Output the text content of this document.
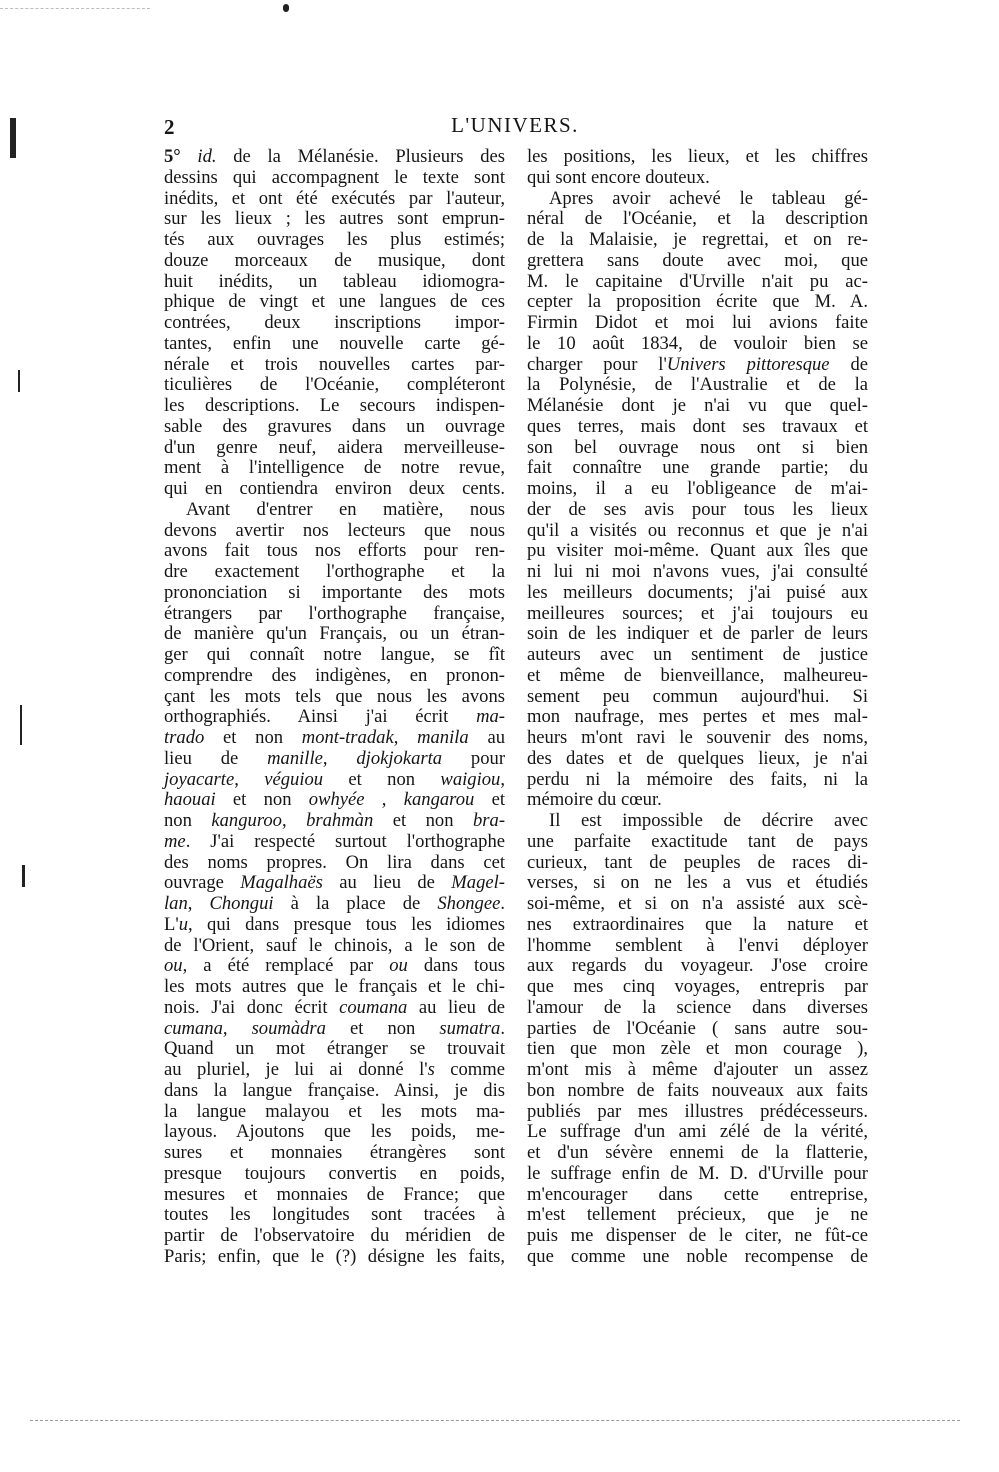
2	L'UNIVERS.
5° id. de la Mélanésie. Plusieurs des
dessins qui accompagnent le texte sont
inédits, et ont été exécutés par l'auteur,
sur les lieux ; les autres sont emprun-
tés aux ouvrages les plus estimés;
douze morceaux de musique, dont
huit inédits, un tableau idiomogra-
phique de vingt et une langues de ces
contrées, deux inscriptions impor-
tantes, enfin une nouvelle carte gé-
nérale et trois nouvelles cartes par-
ticulières de l'Océanie, compléteront
les descriptions. Le secours indispen-
sable des gravures dans un ouvrage
d'un genre neuf, aidera merveilleuse-
ment à l'intelligence de notre revue,
qui en contiendra environ deux cents.
Avant d'entrer en matière, nous
devons avertir nos lecteurs que nous
avons fait tous nos efforts pour ren-
dre exactement l'orthographe et la
prononciation si importante des mots
étrangers par l'orthographe française,
de manière qu'un Français, ou un étran-
ger qui connaît notre langue, se fît
comprendre des indigènes, en pronon-
çant les mots tels que nous les avons
orthographiés. Ainsi j'ai écrit ma-
trado et non mont-tradak, manila au
lieu de manille, djokjokarta pour
joyacarte, véguiou et non waigiou,
haouai et non owhyée , kangarou et
non kanguroo, brahmàn et non bra-
me. J'ai respecté surtout l'orthographe
des noms propres. On lira dans cet
ouvrage Magalhaës au lieu de Magel-
lan, Chongui à la place de Shongee.
L'u, qui dans presque tous les idiomes
de l'Orient, sauf le chinois, a le son de
ou, a été remplacé par ou dans tous
les mots autres que le français et le chi-
nois. J'ai donc écrit coumana au lieu de
cumana, soumàdra et non sumatra.
Quand un mot étranger se trouvait
au pluriel, je lui ai donné l's comme
dans la langue française. Ainsi, je dis
la langue malayou et les mots ma-
layous. Ajoutons que les poids, me-
sures et monnaies étrangères sont
presque toujours convertis en poids,
mesures et monnaies de France; que
toutes les longitudes sont tracées à
partir de l'observatoire du méridien de
Paris; enfin, que le (?) désigne les faits,
les positions, les lieux, et les chiffres
qui sont encore douteux.
Apres avoir achevé le tableau gé-
néral de l'Océanie, et la description
de la Malaisie, je regrettai, et on re-
grettera sans doute avec moi, que
M. le capitaine d'Urville n'ait pu ac-
cepter la proposition écrite que M. A.
Firmin Didot et moi lui avions faite
le 10 août 1834, de vouloir bien se
charger pour l'Univers pittoresque de
la Polynésie, de l'Australie et de la
Mélanésie dont je n'ai vu que quel-
ques terres, mais dont ses travaux et
son bel ouvrage nous ont si bien
fait connaître une grande partie; du
moins, il a eu l'obligeance de m'ai-
der de ses avis pour tous les lieux
qu'il a visités ou reconnus et que je n'ai
pu visiter moi-même. Quant aux îles que
ni lui ni moi n'avons vues, j'ai consulté
les meilleurs documents; j'ai puisé aux
meilleures sources; et j'ai toujours eu
soin de les indiquer et de parler de leurs
auteurs avec un sentiment de justice
et même de bienveillance, malheureu-
sement peu commun aujourd'hui. Si
mon naufrage, mes pertes et mes mal-
heurs m'ont ravi le souvenir des noms,
des dates et de quelques lieux, je n'ai
perdu ni la mémoire des faits, ni la
mémoire du cœur.
Il est impossible de décrire avec
une parfaite exactitude tant de pays
curieux, tant de peuples de races di-
verses, si on ne les a vus et étudiés
soi-même, et si on n'a assisté aux scè-
nes extraordinaires que la nature et
l'homme semblent à l'envi déployer
aux regards du voyageur. J'ose croire
que mes cinq voyages, entrepris par
l'amour de la science dans diverses
parties de l'Océanie ( sans autre sou-
tien que mon zèle et mon courage ),
m'ont mis à même d'ajouter un assez
bon nombre de faits nouveaux aux faits
publiés par mes illustres prédécesseurs.
Le suffrage d'un ami zélé de la vérité,
et d'un sévère ennemi de la flatterie,
le suffrage enfin de M. D. d'Urville pour
m'encourager dans cette entreprise,
m'est tellement précieux, que je ne
puis me dispenser de le citer, ne fût-ce
que comme une noble recompense de
